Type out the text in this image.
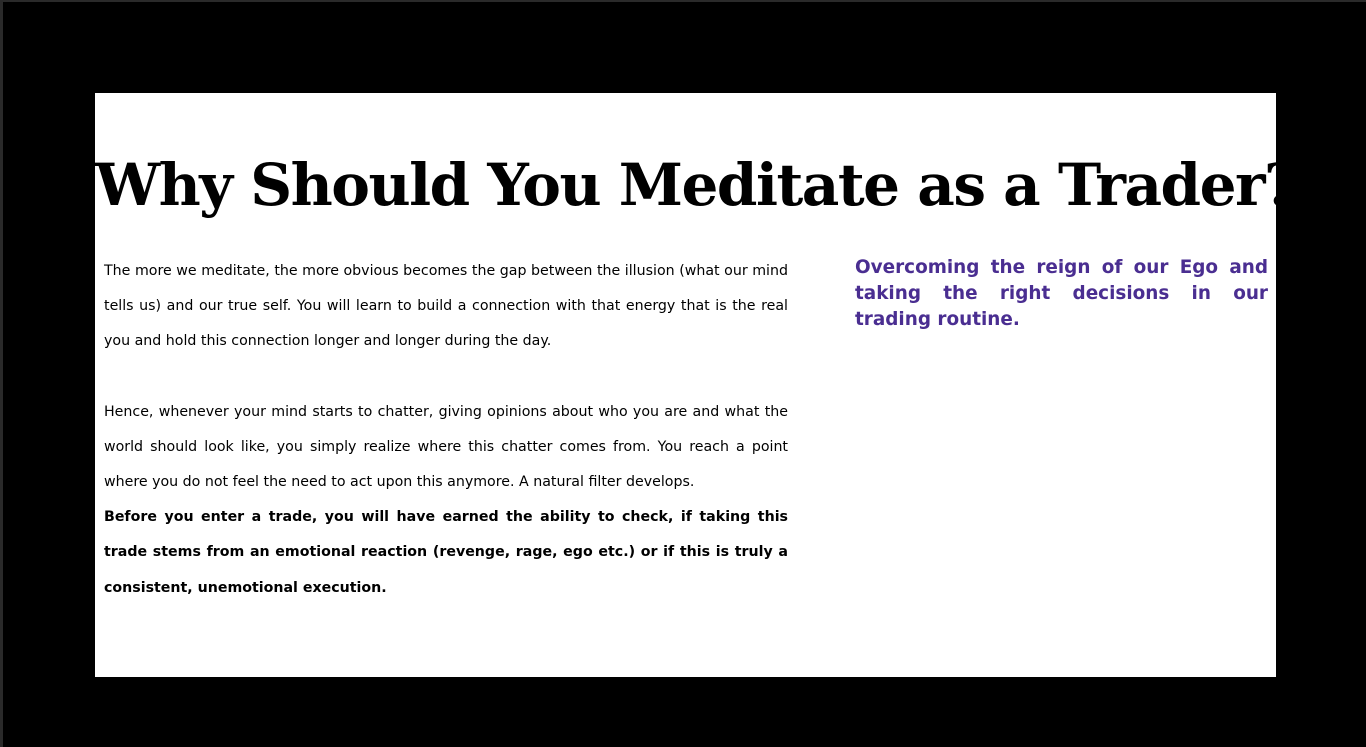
Why Should You Meditate as a Trader?

The more we meditate, the more obvious becomes the gap between the illusion (what our mind tells us) and our true self. You will learn to build a connection with that energy that is the real you and hold this connection longer and longer during the day.

Hence, whenever your mind starts to chatter, giving opinions about who you are and what the world should look like, you simply realize where this chatter comes from. You reach a point where you do not feel the need to act upon this anymore. A natural filter develops.

Before you enter a trade, you will have earned the ability to check, if taking this trade stems from an emotional reaction (revenge, rage, ego etc.) or if this is truly a consistent, unemotional execution.

Overcoming the reign of our Ego and taking the right decisions in our trading routine.
